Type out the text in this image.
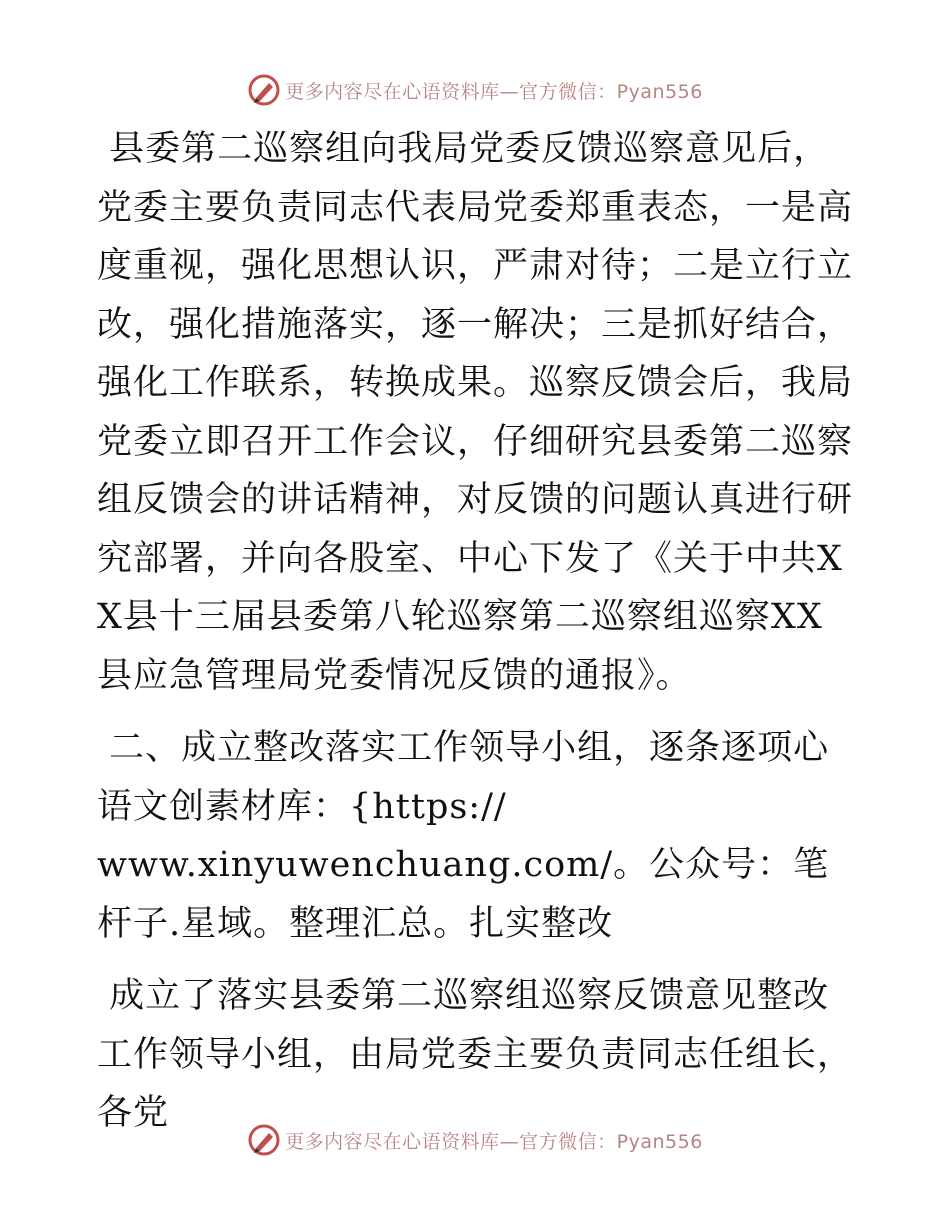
更多内容尽在心语资料库—官方微信：Pyan556

县委第二巡察组向我局党委反馈巡察意见后，党委主要负责同志代表局党委郑重表态，一是高度重视，强化思想认识，严肃对待；二是立行立改，强化措施落实，逐一解决；三是抓好结合，强化工作联系，转换成果。巡察反馈会后，我局党委立即召开工作会议，仔细研究县委第二巡察组反馈会的讲话精神，对反馈的问题认真进行研究部署，并向各股室、中心下发了《关于中共XX县十三届县委第八轮巡察第二巡察组巡察XX县应急管理局党委情况反馈的通报》。

二、成立整改落实工作领导小组，逐条逐项心语文创素材库：{https://
www.xinyuwenchuang.com/。公众号：笔杆子.星域。整理汇总。扎实整改

成立了落实县委第二巡察组巡察反馈意见整改工作领导小组，由局党委主要负责同志任组长，各党

更多内容尽在心语资料库—官方微信：Pyan556
